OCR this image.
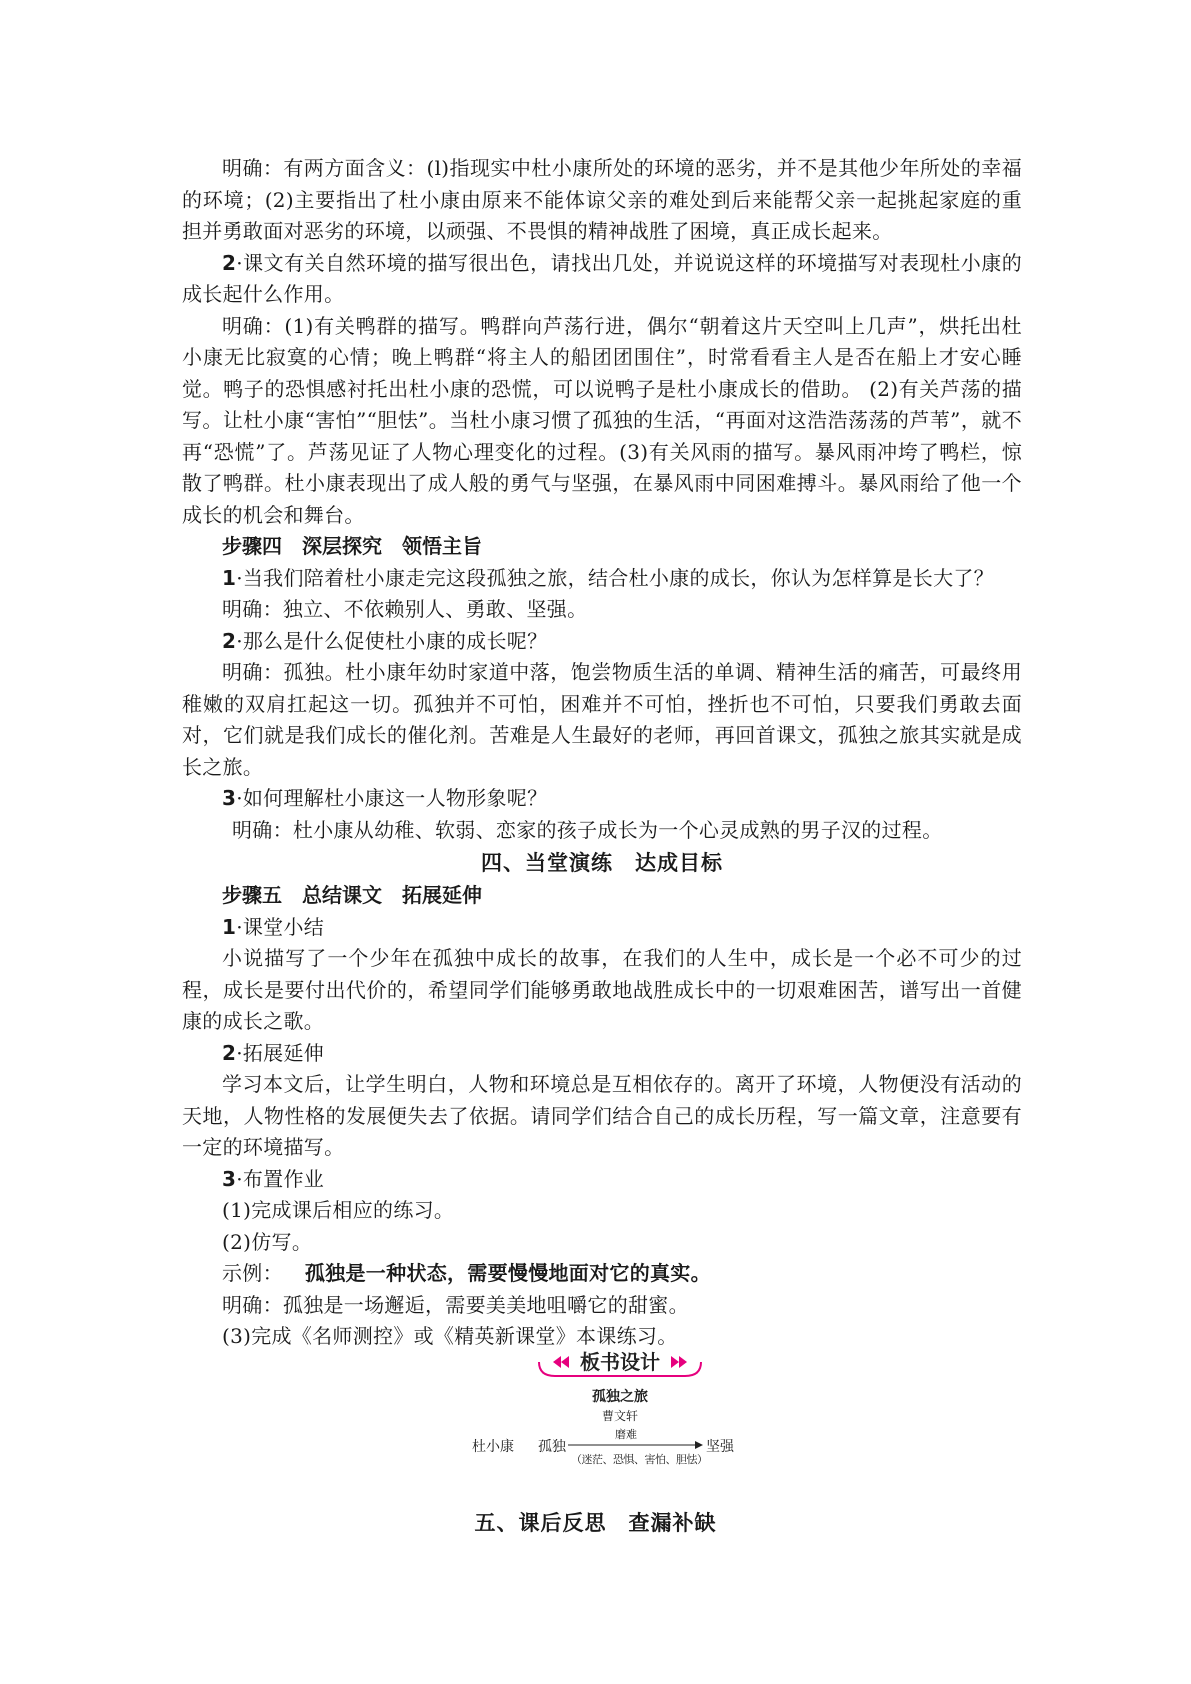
明确：有两方面含义：(l)指现实中杜小康所处的环境的恶劣，并不是其他少年所处的幸福的环境；(2)主要指出了杜小康由原来不能体谅父亲的难处到后来能帮父亲一起挑起家庭的重担并勇敢面对恶劣的环境，以顽强、不畏惧的精神战胜了困境，真正成长起来。

2·课文有关自然环境的描写很出色，请找出几处，并说说这样的环境描写对表现杜小康的成长起什么作用。

明确：(1)有关鸭群的描写。鸭群向芦荡行进，偶尔“朝着这片天空叫上几声”，烘托出杜小康无比寂寞的心情；晚上鸭群“将主人的船团团围住”，时常看看主人是否在船上才安心睡觉。鸭子的恐惧感衬托出杜小康的恐慌，可以说鸭子是杜小康成长的借助。 (2)有关芦荡的描写。让杜小康“害怕”“胆怯”。当杜小康习惯了孤独的生活，“再面对这浩浩荡荡的芦苇”，就不再“恐慌”了。芦荡见证了人物心理变化的过程。(3)有关风雨的描写。暴风雨冲垮了鸭栏，惊散了鸭群。杜小康表现出了成人般的勇气与坚强，在暴风雨中同困难搏斗。暴风雨给了他一个成长的机会和舞台。

步骤四　深层探究　领悟主旨

1·当我们陪着杜小康走完这段孤独之旅，结合杜小康的成长，你认为怎样算是长大了？

明确：独立、不依赖别人、勇敢、坚强。

2·那么是什么促使杜小康的成长呢？

明确：孤独。杜小康年幼时家道中落，饱尝物质生活的单调、精神生活的痛苦，可最终用稚嫩的双肩扛起这一切。孤独并不可怕，困难并不可怕，挫折也不可怕，只要我们勇敢去面对，它们就是我们成长的催化剂。苦难是人生最好的老师，再回首课文，孤独之旅其实就是成长之旅。

3·如何理解杜小康这一人物形象呢？

明确：杜小康从幼稚、软弱、恋家的孩子成长为一个心灵成熟的男子汉的过程。

四、当堂演练　达成目标

步骤五　总结课文　拓展延伸

1·课堂小结

小说描写了一个少年在孤独中成长的故事，在我们的人生中，成长是一个必不可少的过程，成长是要付出代价的，希望同学们能够勇敢地战胜成长中的一切艰难困苦，谱写出一首健康的成长之歌。

2·拓展延伸

学习本文后，让学生明白，人物和环境总是互相依存的。离开了环境，人物便没有活动的天地，人物性格的发展便失去了依据。请同学们结合自己的成长历程，写一篇文章，注意要有一定的环境描写。

3·布置作业

(1)完成课后相应的练习。

(2)仿写。

示例： 孤独是一种状态，需要慢慢地面对它的真实。

明确：孤独是一场邂逅，需要美美地咀嚼它的甜蜜。

(3)完成《名师测控》或《精英新课堂》本课练习。

板书设计
孤独之旅
曹文轩
杜小康 孤独
磨难
（迷茫、恐惧、害怕、胆怯）
坚强

五、课后反思　查漏补缺
